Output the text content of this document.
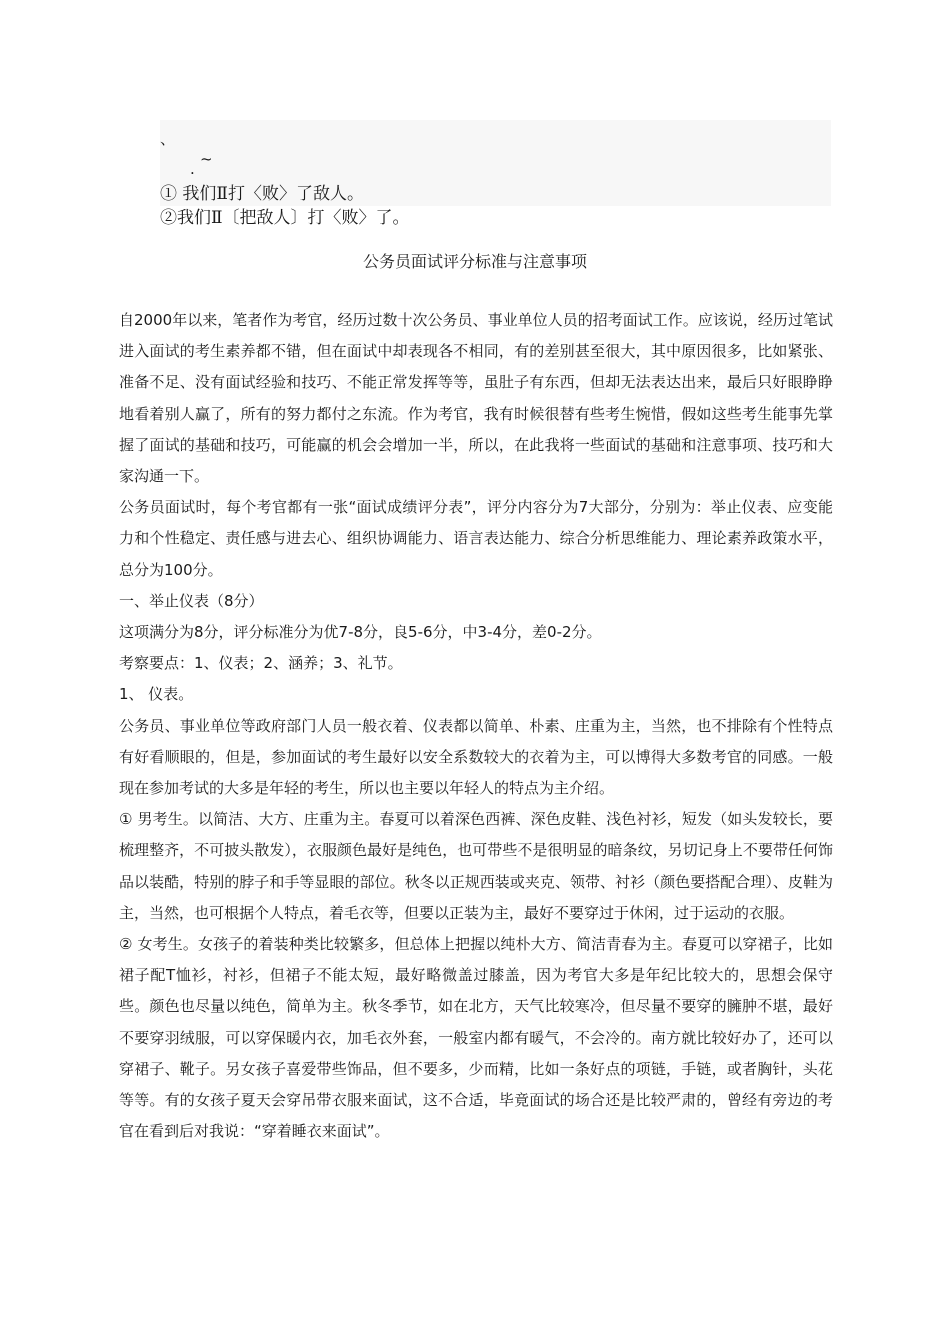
、
~
.
① 我们Ⅱ打〈败〉了敌人。
②我们Ⅱ〔把敌人〕打〈败〉了。
公务员面试评分标准与注意事项

自2000年以来，笔者作为考官，经历过数十次公务员、事业单位人员的招考面试工作。应该说，经历过笔试进入面试的考生素养都不错，但在面试中却表现各不相同，有的差别甚至很大，其中原因很多，比如紧张、准备不足、没有面试经验和技巧、不能正常发挥等等，虽肚子有东西，但却无法表达出来，最后只好眼睁睁地看着别人赢了，所有的努力都付之东流。作为考官，我有时候很替有些考生惋惜，假如这些考生能事先掌握了面试的基础和技巧，可能赢的机会会增加一半，所以，在此我将一些面试的基础和注意事项、技巧和大家沟通一下。

公务员面试时，每个考官都有一张“面试成绩评分表”，评分内容分为7大部分，分别为：举止仪表、应变能力和个性稳定、责任感与进去心、组织协调能力、语言表达能力、综合分析思维能力、理论素养政策水平，总分为100分。

一、举止仪表（8分）

这项满分为8分，评分标准分为优7-8分，良5-6分，中3-4分，差0-2分。

考察要点：1、仪表；2、涵养；3、礼节。

1、 仪表。

公务员、事业单位等政府部门人员一般衣着、仪表都以简单、朴素、庄重为主，当然，也不排除有个性特点有好看顺眼的，但是，参加面试的考生最好以安全系数较大的衣着为主，可以博得大多数考官的同感。一般现在参加考试的大多是年轻的考生，所以也主要以年轻人的特点为主介绍。

① 男考生。以简洁、大方、庄重为主。春夏可以着深色西裤、深色皮鞋、浅色衬衫，短发（如头发较长，要梳理整齐，不可披头散发），衣服颜色最好是纯色，也可带些不是很明显的暗条纹，另切记身上不要带任何饰品以装酷，特别的脖子和手等显眼的部位。秋冬以正规西装或夹克、领带、衬衫（颜色要搭配合理）、皮鞋为主，当然，也可根据个人特点，着毛衣等，但要以正装为主，最好不要穿过于休闲，过于运动的衣服。

② 女考生。女孩子的着装种类比较繁多，但总体上把握以纯朴大方、简洁青春为主。春夏可以穿裙子，比如裙子配T恤衫，衬衫，但裙子不能太短，最好略微盖过膝盖，因为考官大多是年纪比较大的，思想会保守些。颜色也尽量以纯色，简单为主。秋冬季节，如在北方，天气比较寒冷，但尽量不要穿的臃肿不堪，最好不要穿羽绒服，可以穿保暖内衣，加毛衣外套，一般室内都有暖气，不会冷的。南方就比较好办了，还可以穿裙子、靴子。另女孩子喜爱带些饰品，但不要多，少而精，比如一条好点的项链，手链，或者胸针，头花等等。有的女孩子夏天会穿吊带衣服来面试，这不合适，毕竟面试的场合还是比较严肃的，曾经有旁边的考官在看到后对我说：“穿着睡衣来面试”。
